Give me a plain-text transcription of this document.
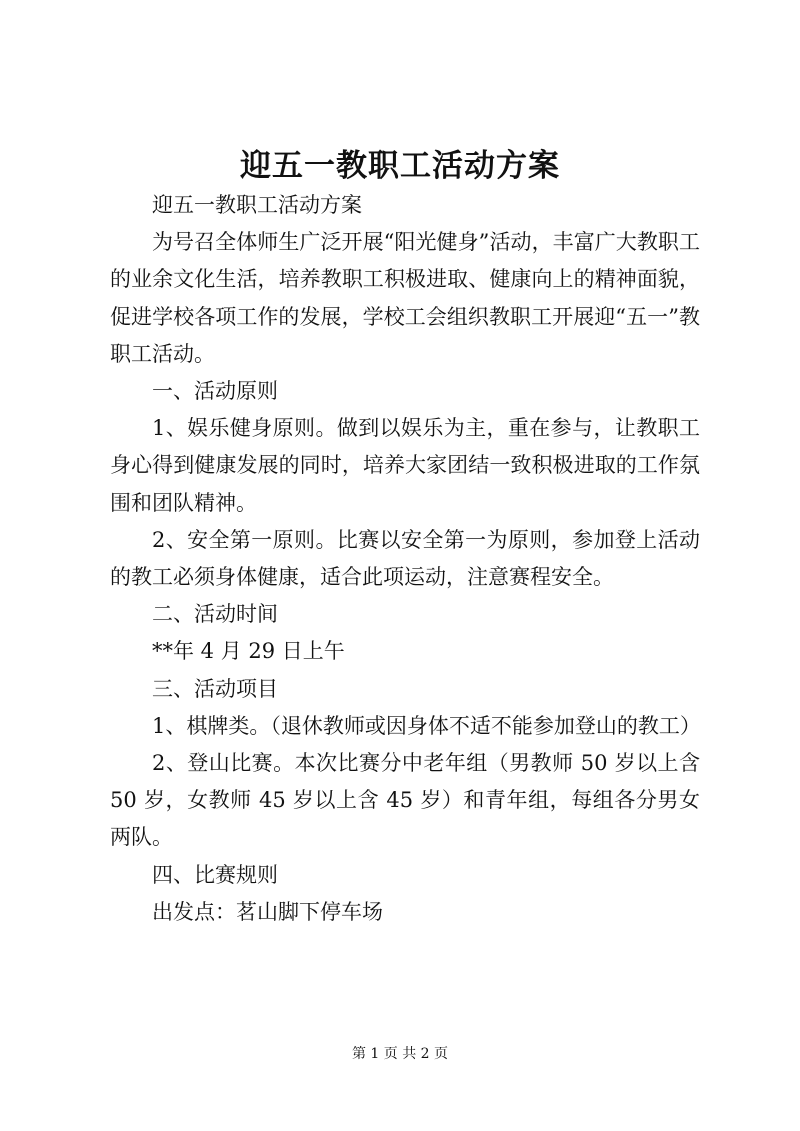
迎五一教职工活动方案

迎五一教职工活动方案

为号召全体师生广泛开展“阳光健身”活动，丰富广大教职工的业余文化生活，培养教职工积极进取、健康向上的精神面貌，促进学校各项工作的发展，学校工会组织教职工开展迎“五一”教职工活动。

一、活动原则

1、娱乐健身原则。做到以娱乐为主，重在参与，让教职工身心得到健康发展的同时，培养大家团结一致积极进取的工作氛围和团队精神。

2、安全第一原则。比赛以安全第一为原则，参加登上活动的教工必须身体健康，适合此项运动，注意赛程安全。

二、活动时间

**年 4 月 29 日上午

三、活动项目

1、棋牌类。（退休教师或因身体不适不能参加登山的教工）

2、登山比赛。本次比赛分中老年组（男教师 50 岁以上含 50 岁，女教师 45 岁以上含 45 岁）和青年组，每组各分男女两队。

四、比赛规则

出发点：茗山脚下停车场

第 1 页 共 2 页
